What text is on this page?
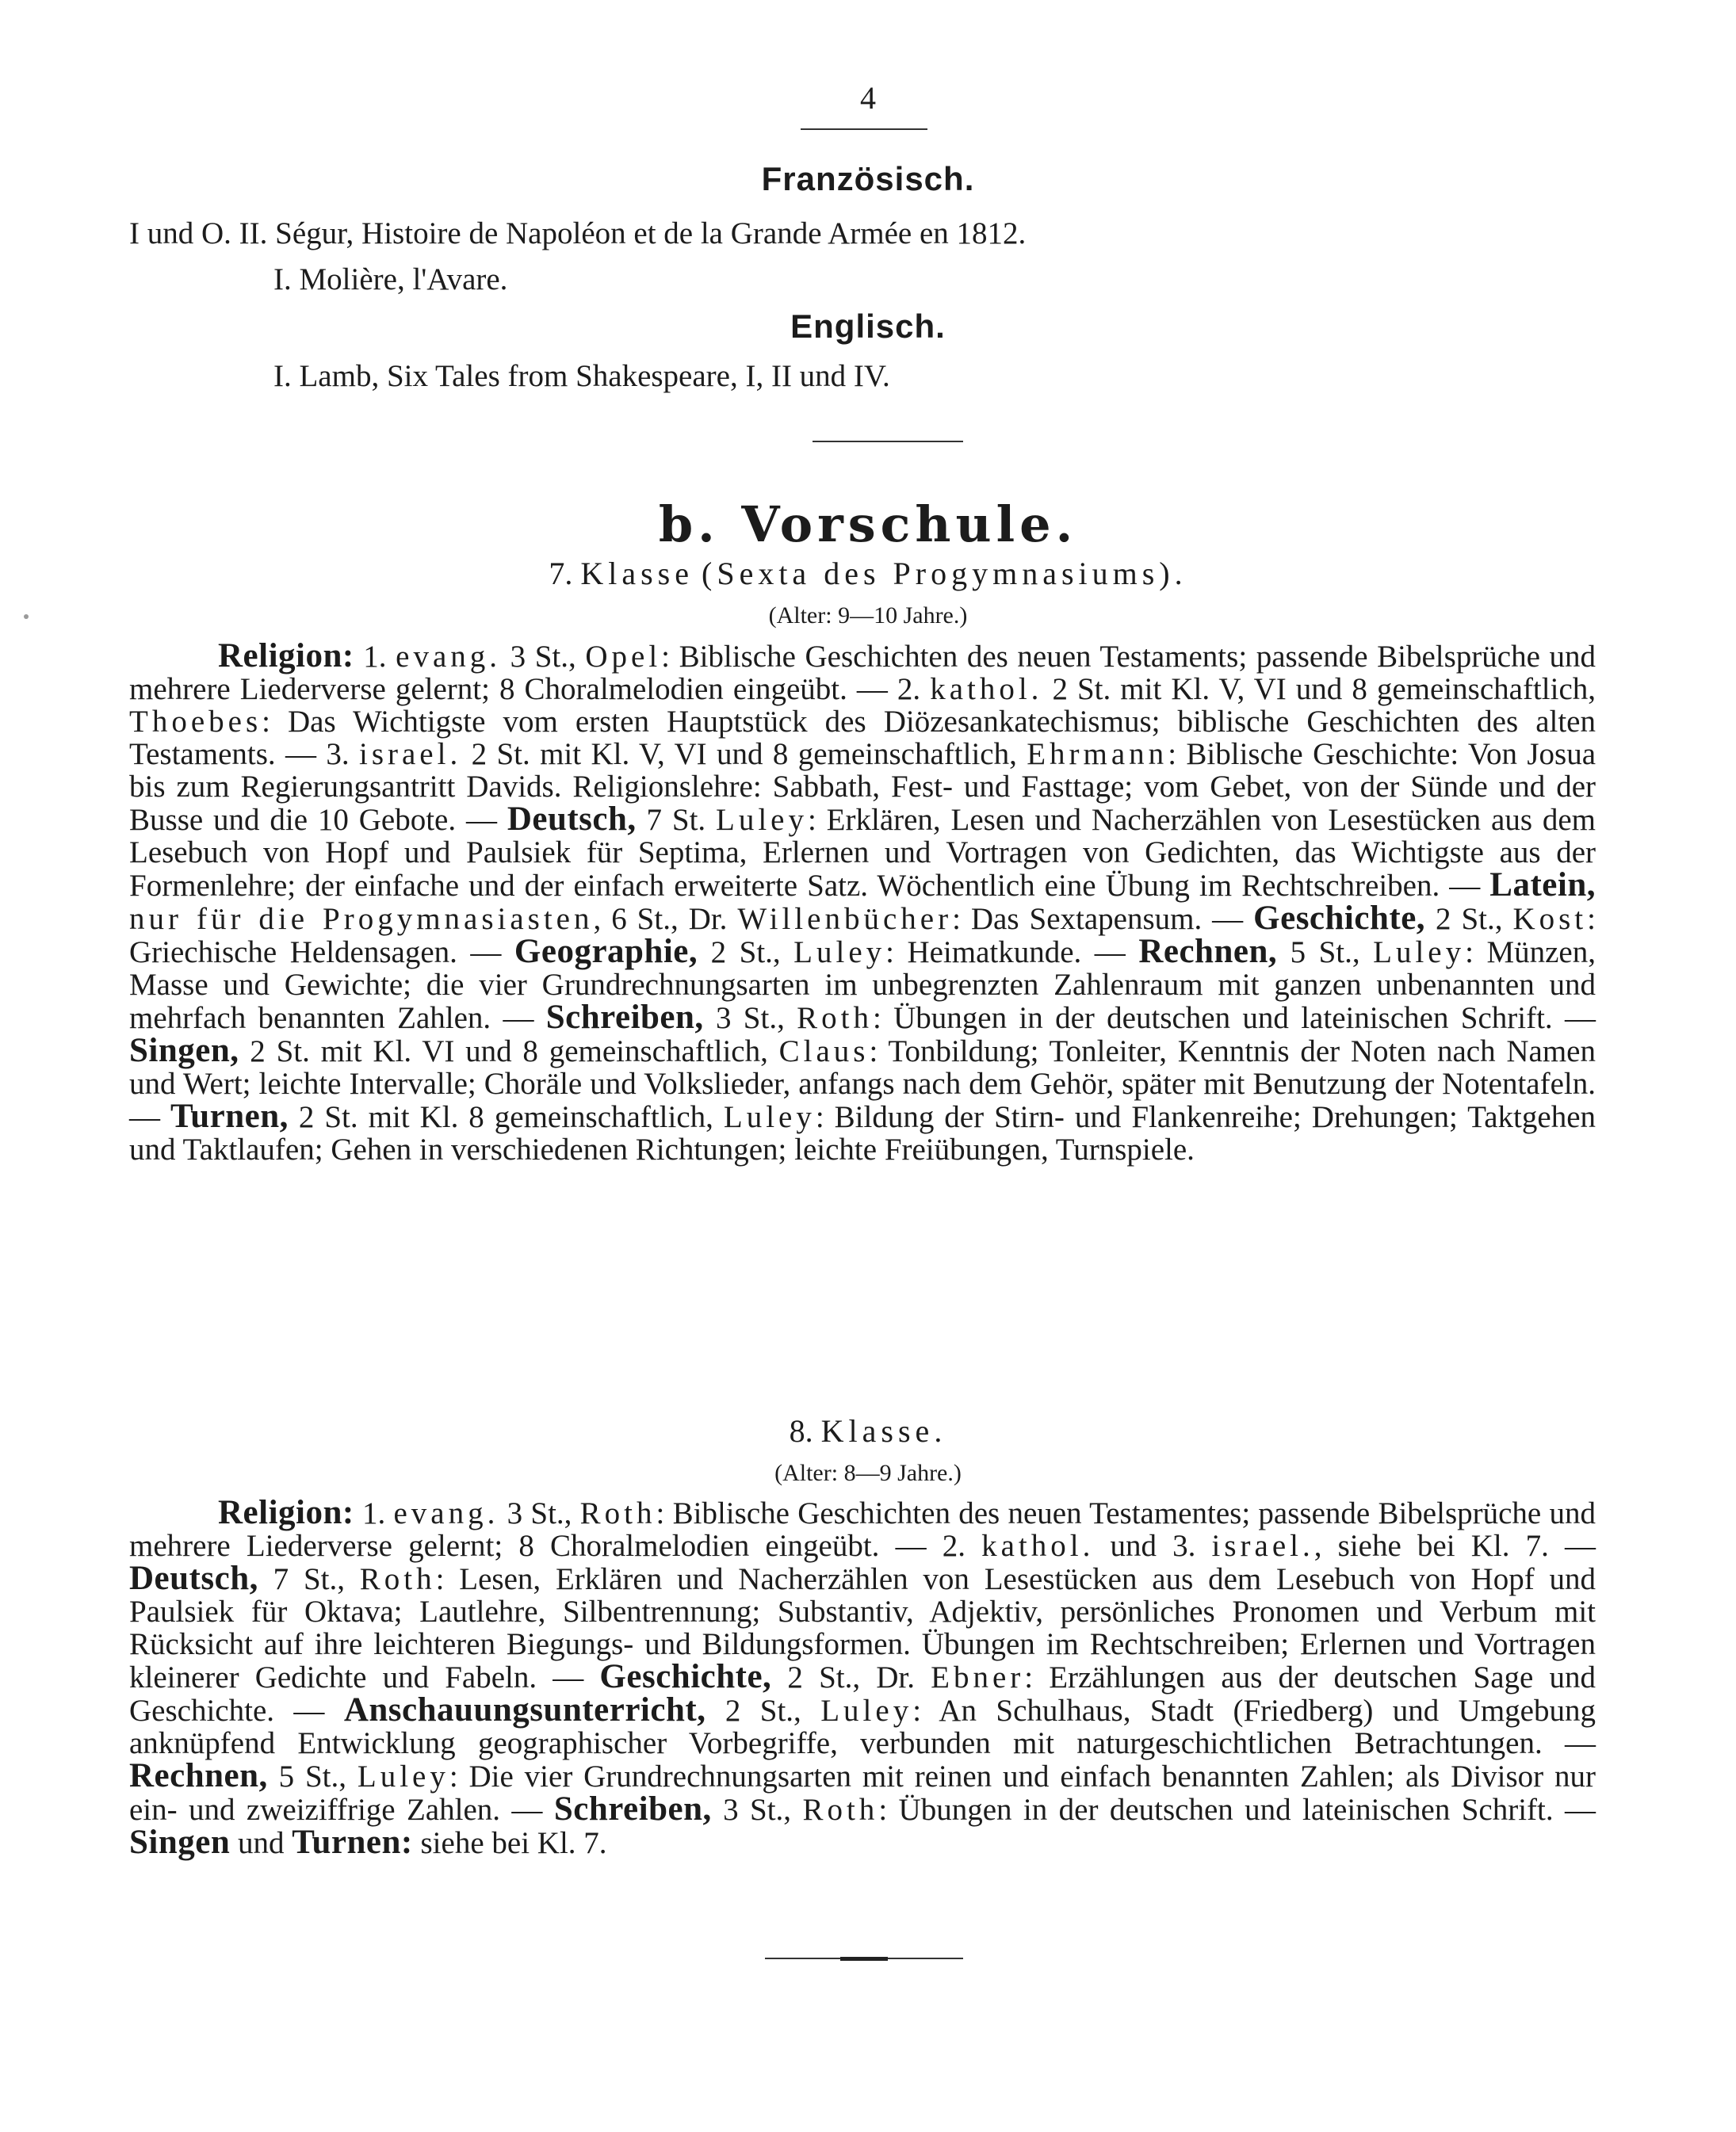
4
Französisch.
I und O. II. Ségur, Histoire de Napoléon et de la Grande Armée en 1812.
I. Molière, l'Avare.
Englisch.
I. Lamb, Six Tales from Shakespeare, I, II und IV.
b. Vorschule.
7. Klasse (Sexta des Progymnasiums).
(Alter: 9—10 Jahre.)
Religion: 1. evang. 3 St., Opel: Biblische Geschichten des neuen Testaments; passende Bibelsprüche und mehrere Liederverse gelernt; 8 Choralmelodien eingeübt. — 2. kathol. 2 St. mit Kl. V, VI und 8 gemeinschaftlich, Thoebes: Das Wichtigste vom ersten Hauptstück des Diözesankatechismus; biblische Geschichten des alten Testaments. — 3. israel. 2 St. mit Kl. V, VI und 8 gemeinschaftlich, Ehrmann: Biblische Geschichte: Von Josua bis zum Regierungsantritt Davids. Religionslehre: Sabbath, Fest- und Fasttage; vom Gebet, von der Sünde und der Busse und die 10 Gebote. — Deutsch, 7 St. Luley: Erklären, Lesen und Nacherzählen von Lesestücken aus dem Lesebuch von Hopf und Paulsiek für Septima, Erlernen und Vortragen von Gedichten, das Wichtigste aus der Formenlehre; der einfache und der einfach erweiterte Satz. Wöchentlich eine Übung im Rechtschreiben. — Latein, nur für die Progymnasiasten, 6 St., Dr. Willenbücher: Das Sextapensum. — Geschichte, 2 St., Kost: Griechische Heldensagen. — Geographie, 2 St., Luley: Heimatkunde. — Rechnen, 5 St., Luley: Münzen, Masse und Gewichte; die vier Grundrechnungsarten im unbegrenzten Zahlenraum mit ganzen unbenannten und mehrfach benannten Zahlen. — Schreiben, 3 St., Roth: Übungen in der deutschen und lateinischen Schrift. — Singen, 2 St. mit Kl. VI und 8 gemeinschaftlich, Claus: Tonbildung; Tonleiter, Kenntnis der Noten nach Namen und Wert; leichte Intervalle; Choräle und Volkslieder, anfangs nach dem Gehör, später mit Benutzung der Notentafeln. — Turnen, 2 St. mit Kl. 8 gemeinschaftlich, Luley: Bildung der Stirn- und Flankenreihe; Drehungen; Taktgehen und Taktlaufen; Gehen in verschiedenen Richtungen; leichte Freiübungen, Turnspiele.
8. Klasse.
(Alter: 8—9 Jahre.)
Religion: 1. evang. 3 St., Roth: Biblische Geschichten des neuen Testamentes; passende Bibelsprüche und mehrere Liederverse gelernt; 8 Choralmelodien eingeübt. — 2. kathol. und 3. israel., siehe bei Kl. 7. — Deutsch, 7 St., Roth: Lesen, Erklären und Nacherzählen von Lesestücken aus dem Lesebuch von Hopf und Paulsiek für Oktava; Lautlehre, Silbentrennung; Substantiv, Adjektiv, persönliches Pronomen und Verbum mit Rücksicht auf ihre leichteren Biegungs- und Bildungsformen. Übungen im Rechtschreiben; Erlernen und Vortragen kleinerer Gedichte und Fabeln. — Geschichte, 2 St., Dr. Ebner: Erzählungen aus der deutschen Sage und Geschichte. — Anschauungsunterricht, 2 St., Luley: An Schulhaus, Stadt (Friedberg) und Umgebung anknüpfend Entwicklung geographischer Vorbegriffe, verbunden mit naturgeschichtlichen Betrachtungen. — Rechnen, 5 St., Luley: Die vier Grundrechnungsarten mit reinen und einfach benannten Zahlen; als Divisor nur ein- und zweiziffrige Zahlen. — Schreiben, 3 St., Roth: Übungen in der deutschen und lateinischen Schrift. — Singen und Turnen: siehe bei Kl. 7.
